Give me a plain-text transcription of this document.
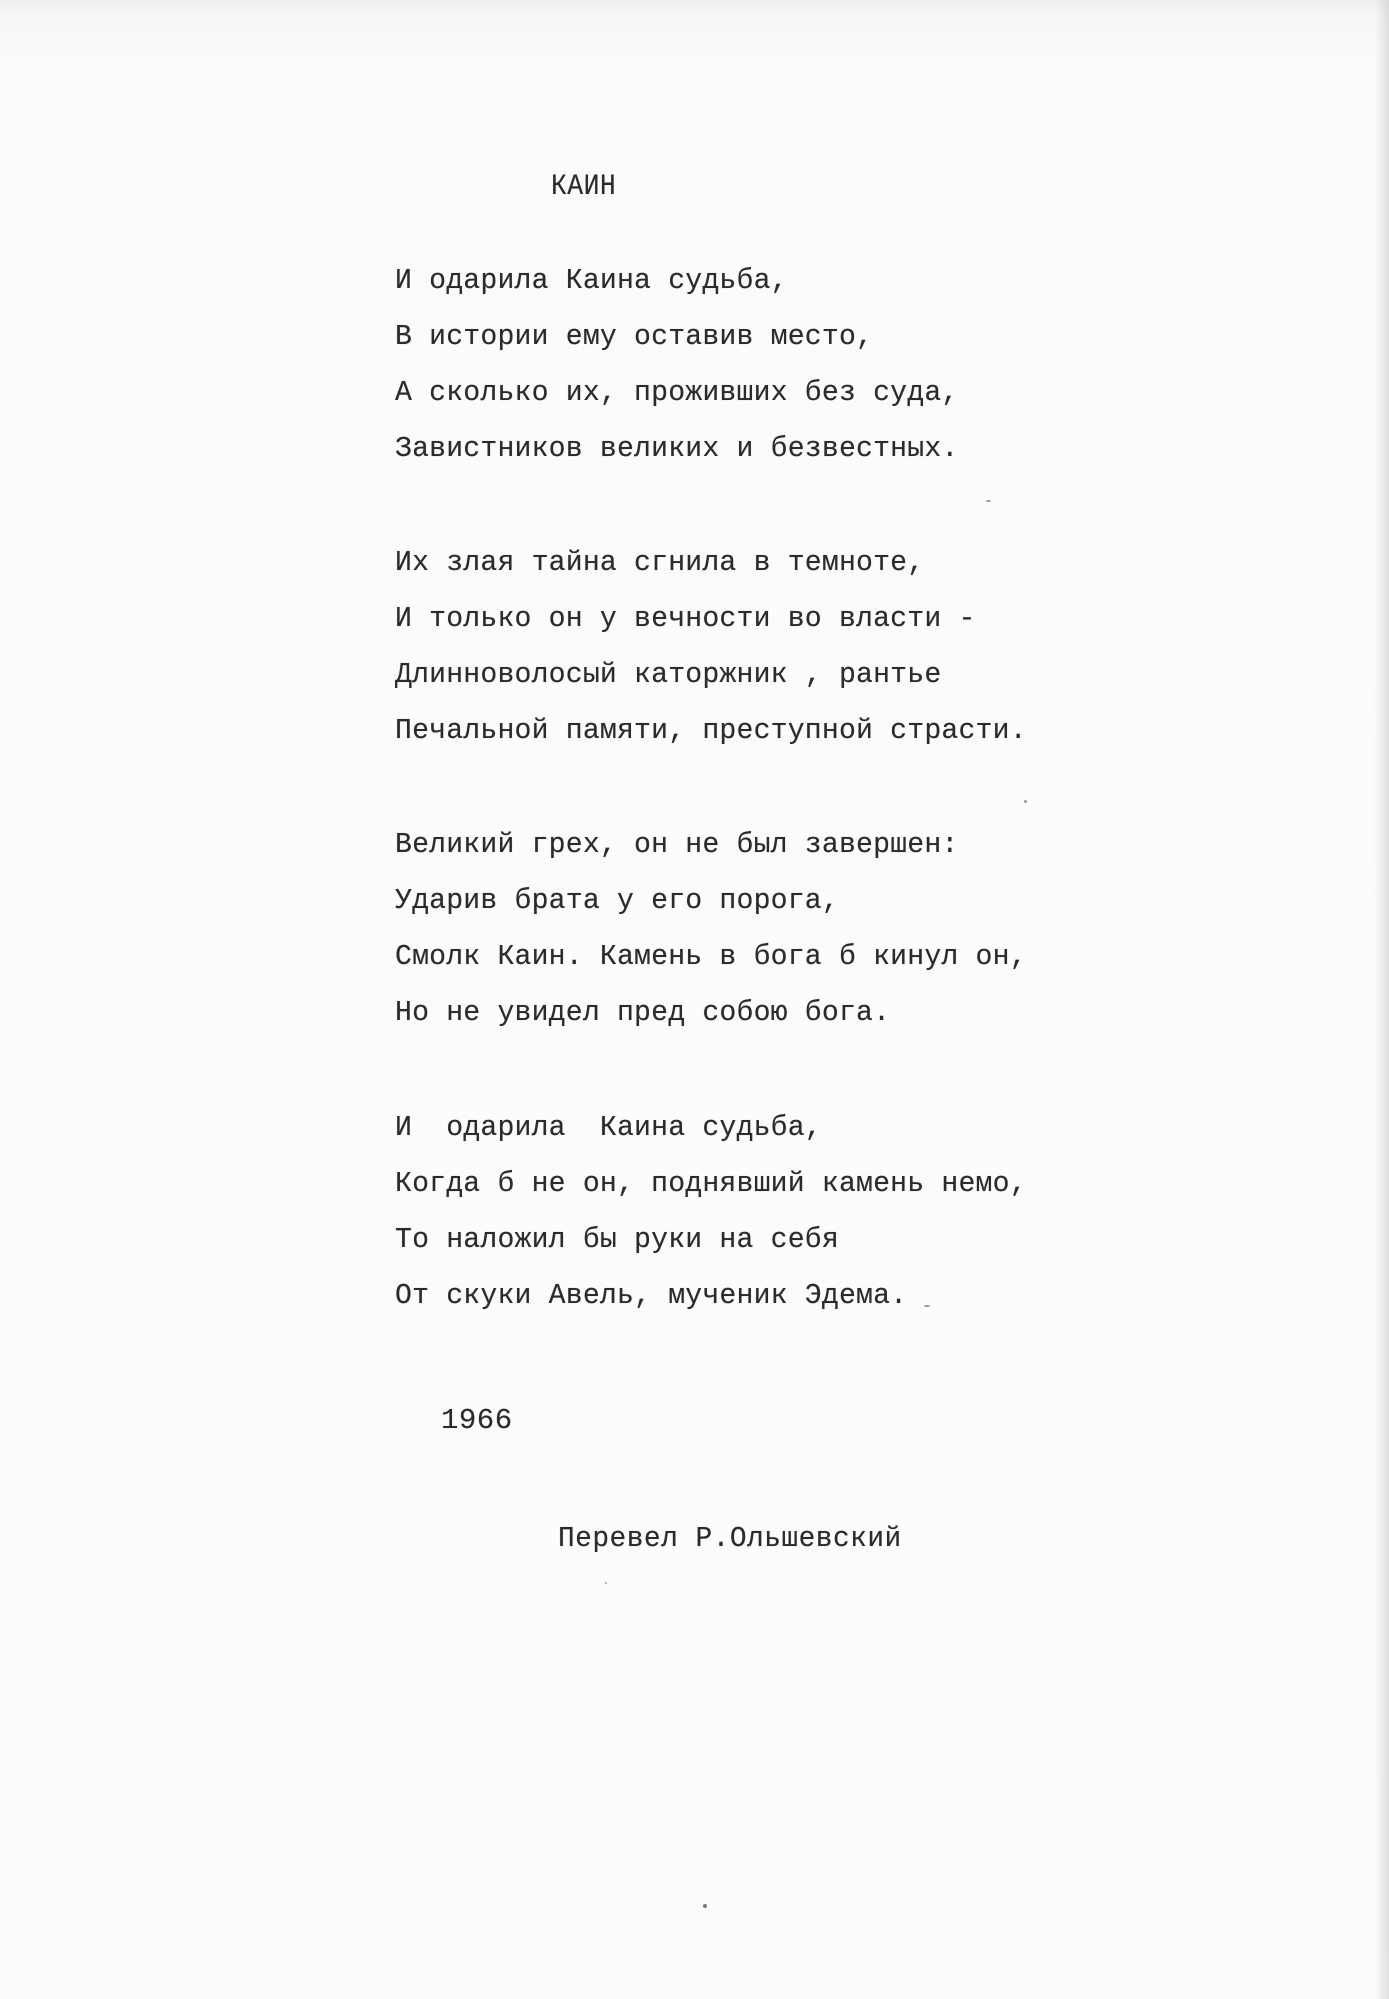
КАИН
И одарила Каина судьба,
В истории ему оставив место,
А сколько их, проживших без суда,
Завистников великих и безвестных.
Их злая тайна сгнила в темноте,
И только он у вечности во власти -
Длинноволосый каторжник , рантье
Печальной памяти, преступной страсти.
Великий грех, он не был завершен:
Ударив брата у его порога,
Смолк Каин. Камень в бога б кинул он,
Но не увидел пред собою бога.
И  одарила  Каина судьба,
Когда б не он, поднявший камень немо,
То наложил бы руки на себя
От скуки Авель, мученик Эдема.
1966
Перевел Р.Ольшевский
